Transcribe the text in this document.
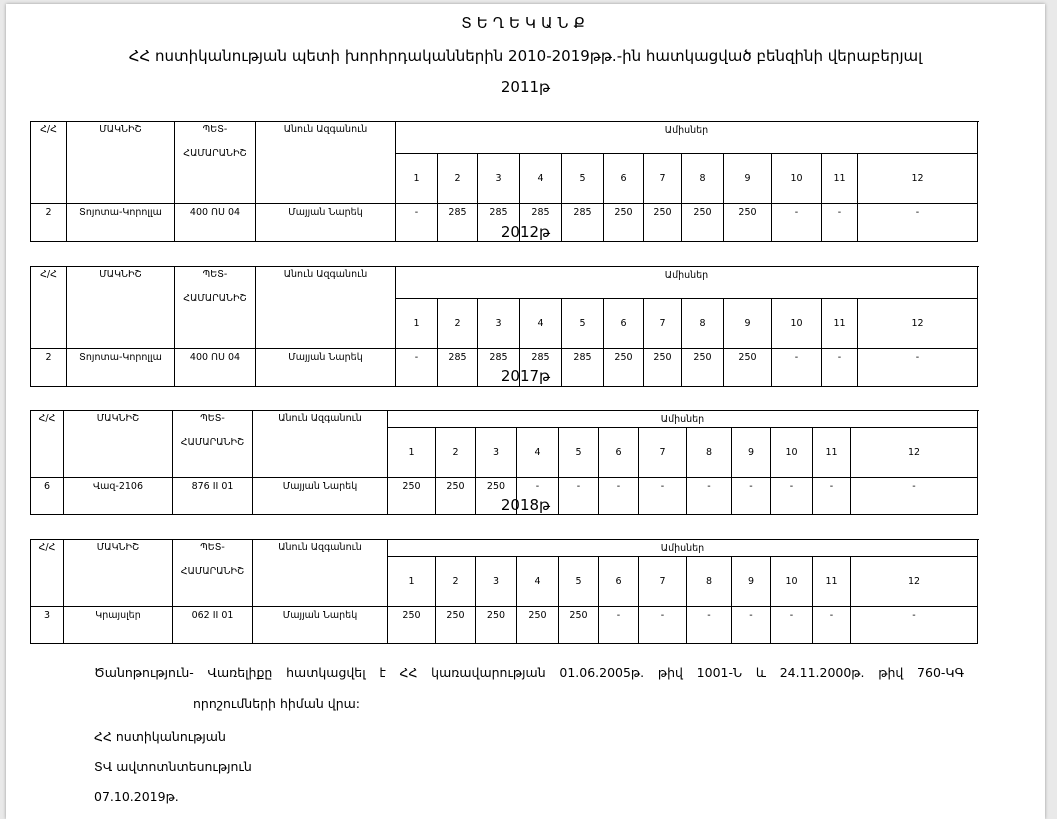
ՏԵՂԵԿԱՆՔ
ՀՀ ոստիկանության պետի խորհրդականներին 2010-2019թթ.-ին հատկացված բենզինի վերաբերյալ
2011թ
Հ/Հ	ՄԱԿՆԻՇ	ՊԵՏ-
ՀԱՄԱՐԱՆԻՇ	Անուն Ազգանուն	Ամիսներ												
				1	2	3	4	5	6	7	8	9	10	11	12	
2	Տոյոտա-Կորոլլա	400 ՈՍ 04	Մայյան Նարեկ	-	285	285	285	285	250	250	250	250	-	-	-	
2012թ
Հ/Հ	ՄԱԿՆԻՇ	ՊԵՏ-
ՀԱՄԱՐԱՆԻՇ	Անուն Ազգանուն	Ամիսներ												
				1	2	3	4	5	6	7	8	9	10	11	12	
2	Տոյոտա-Կորոլլա	400 ՈՍ 04	Մայյան Նարեկ	-	285	285	285	285	250	250	250	250	-	-	-	
2017թ
Հ/Հ	ՄԱԿՆԻՇ	ՊԵՏ-
ՀԱՄԱՐԱՆԻՇ	Անուն Ազգանուն	Ամիսներ												
				1	2	3	4	5	6	7	8	9	10	11	12	
6	Վազ-2106	876 II 01	Մայյան Նարեկ	250	250	250	-	-	-	-	-	-	-	-	-	
2018թ
Հ/Հ	ՄԱԿՆԻՇ	ՊԵՏ-
ՀԱՄԱՐԱՆԻՇ	Անուն Ազգանուն	Ամիսներ												
				1	2	3	4	5	6	7	8	9	10	11	12	
3	Կրայսլեր	062 II 01	Մայյան Նարեկ	250	250	250	250	250	-	-	-	-	-	-	-	
Ծանոթություն- Վառելիքը հատկացվել է ՀՀ կառավարության 01.06.2005թ. թիվ 1001-Ն և 24.11.2000թ. թիվ 760-ԿԳ
որոշումների հիման վրա:
ՀՀ ոստիկանության
ՏՎ ավտոտնտեսություն
07.10.2019թ.
